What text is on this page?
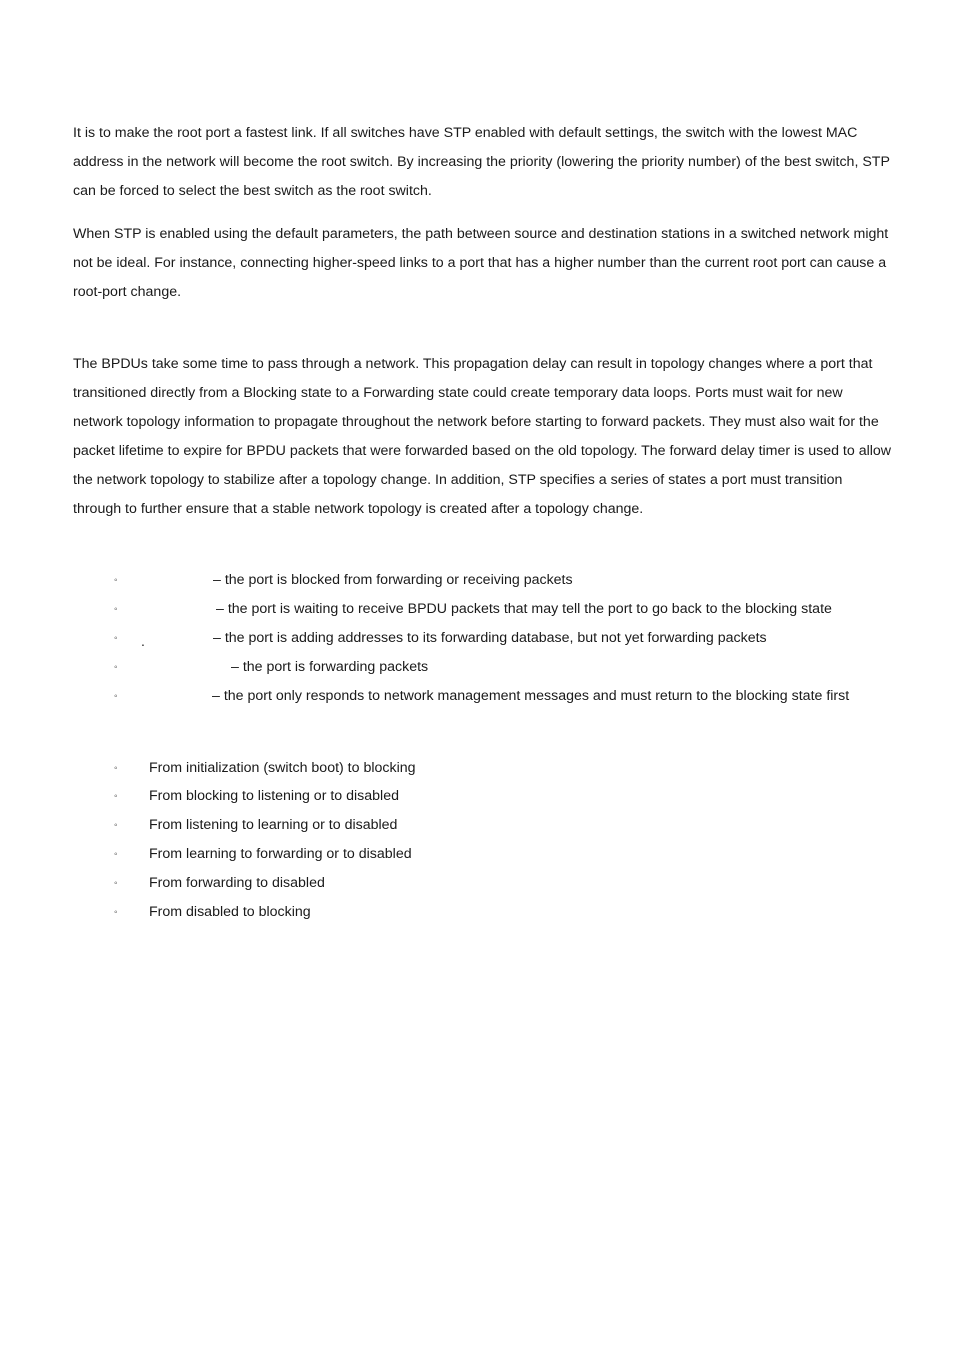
It is to make the root port a fastest link. If all switches have STP enabled with default settings, the switch with the lowest MAC address in the network will become the root switch. By increasing the priority (lowering the priority number) of the best switch, STP can be forced to select the best switch as the root switch.

When STP is enabled using the default parameters, the path between source and destination stations in a switched network might not be ideal. For instance, connecting higher-speed links to a port that has a higher number than the current root port can cause a root-port change.

The BPDUs take some time to pass through a network. This propagation delay can result in topology changes where a port that transitioned directly from a Blocking state to a Forwarding state could create temporary data loops. Ports must wait for new network topology information to propagate throughout the network before starting to forward packets. They must also wait for the packet lifetime to expire for BPDU packets that were forwarded based on the old topology. The forward delay timer is used to allow the network topology to stabilize after a topology change. In addition, STP specifies a series of states a port must transition through to further ensure that a stable network topology is created after a topology change.

◦	– the port is blocked from forwarding or receiving packets
◦	– the port is waiting to receive BPDU packets that may tell the port to go back to the blocking state
◦ .	– the port is adding addresses to its forwarding database, but not yet forwarding packets
◦	– the port is forwarding packets
◦	– the port only responds to network management messages and must return to the blocking state first
◦ From initialization (switch boot) to blocking
◦ From blocking to listening or to disabled
◦ From listening to learning or to disabled
◦ From learning to forwarding or to disabled
◦ From forwarding to disabled
◦ From disabled to blocking
